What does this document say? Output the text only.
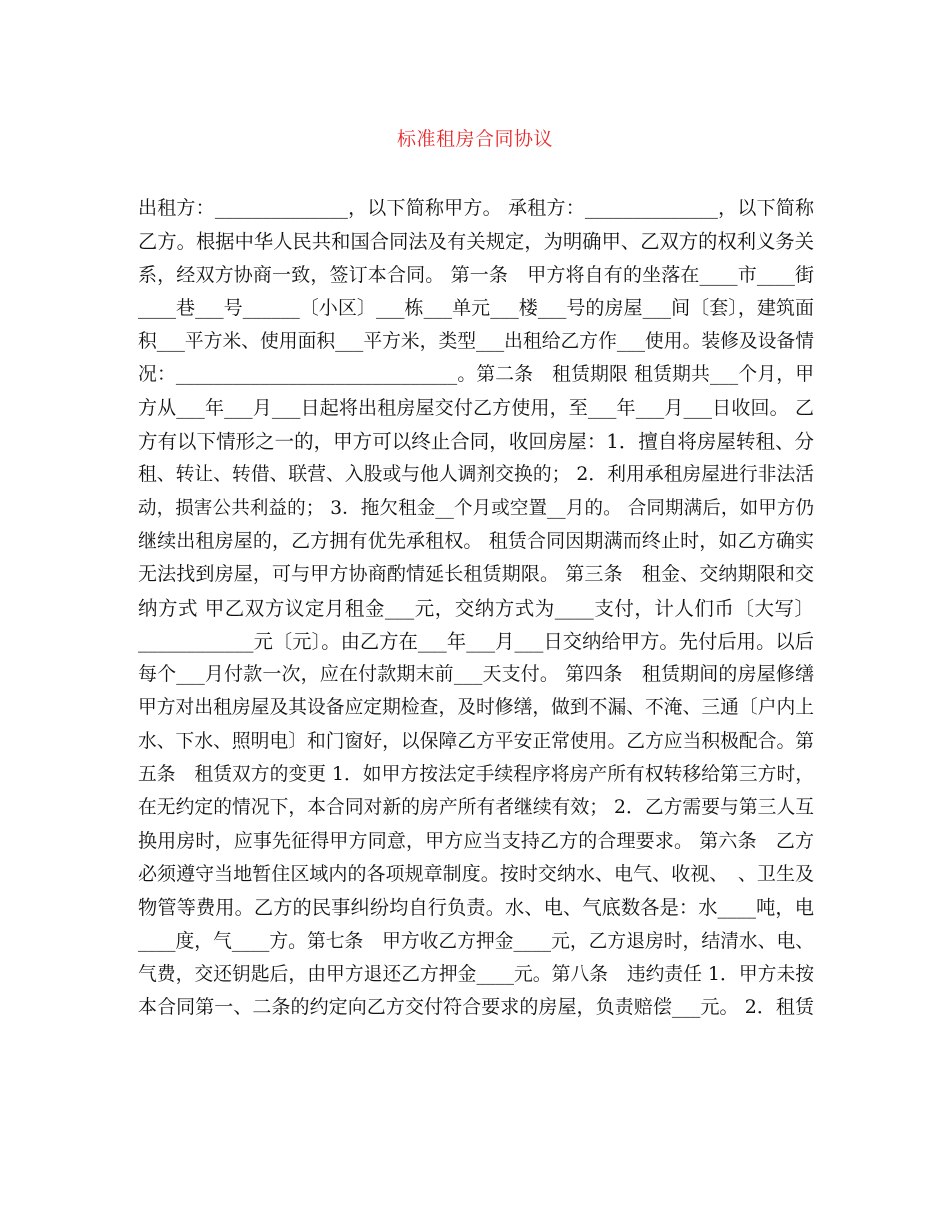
标准租房合同协议
出租方：______________，以下简称甲方。 承租方：______________，以下简称
乙方。根据中华人民共和国合同法及有关规定，为明确甲、乙双方的权利义务关
系，经双方协商一致，签订本合同。 第一条　甲方将自有的坐落在____市____街
____巷___号______〔小区〕___栋___单元___楼___号的房屋___间〔套〕，建筑面
积___平方米、使用面积___平方米，类型___出租给乙方作___使用。装修及设备情
况：______________________________。第二条　租赁期限 租赁期共___个月，甲
方从___年___月___日起将出租房屋交付乙方使用，至___年___月___日收回。 乙
方有以下情形之一的，甲方可以终止合同，收回房屋：1．擅自将房屋转租、分
租、转让、转借、联营、入股或与他人调剂交换的； 2．利用承租房屋进行非法活
动，损害公共利益的； 3．拖欠租金__个月或空置__月的。 合同期满后，如甲方仍
继续出租房屋的，乙方拥有优先承租权。 租赁合同因期满而终止时，如乙方确实
无法找到房屋，可与甲方协商酌情延长租赁期限。 第三条　租金、交纳期限和交
纳方式 甲乙双方议定月租金___元，交纳方式为____支付，计人们币〔大写〕
____________元〔元〕。由乙方在___年___月___日交纳给甲方。先付后用。以后
每个___月付款一次，应在付款期末前___天支付。 第四条　租赁期间的房屋修缮
甲方对出租房屋及其设备应定期检查，及时修缮，做到不漏、不淹、三通〔户内上
水、下水、照明电〕和门窗好，以保障乙方平安正常使用。乙方应当积极配合。第
五条　租赁双方的变更 1．如甲方按法定手续程序将房产所有权转移给第三方时，
在无约定的情况下，本合同对新的房产所有者继续有效； 2．乙方需要与第三人互
换用房时，应事先征得甲方同意，甲方应当支持乙方的合理要求。 第六条　乙方
必须遵守当地暂住区域内的各项规章制度。按时交纳水、电气、收视、　、卫生及
物管等费用。乙方的民事纠纷均自行负责。水、电、气底数各是：水____吨，电
____度，气____方。第七条　甲方收乙方押金____元，乙方退房时，结清水、电、
气费，交还钥匙后，由甲方退还乙方押金____元。第八条　违约责任 1．甲方未按
本合同第一、二条的约定向乙方交付符合要求的房屋，负责赔偿___元。 2．租赁
